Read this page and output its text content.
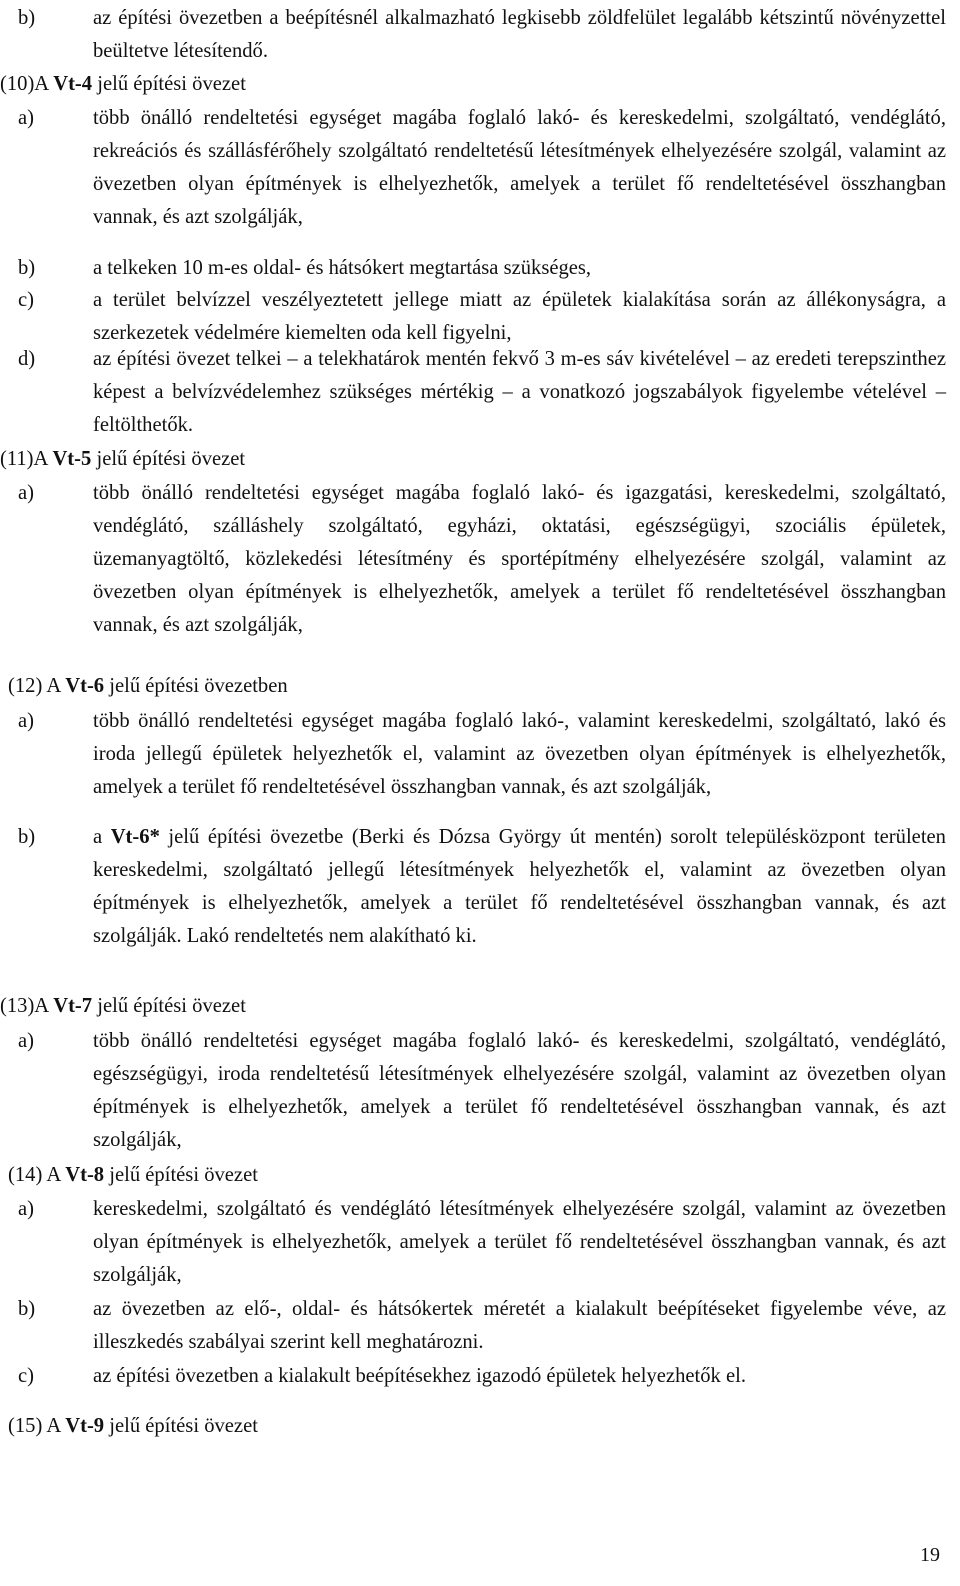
b)	az építési övezetben a beépítésnél alkalmazható legkisebb zöldfelület legalább kétszintű növényzettel beültetve létesítendő.
(10)A Vt-4 jelű építési övezet
a)	több önálló rendeltetési egységet magába foglaló lakó- és kereskedelmi, szolgáltató, vendéglátó, rekreációs és szállásférőhely szolgáltató rendeltetésű létesítmények elhelyezésére szolgál, valamint az övezetben olyan építmények is elhelyezhetők, amelyek a terület fő rendeltetésével összhangban vannak, és azt szolgálják,
b)	a telkeken 10 m-es oldal- és hátsókert megtartása szükséges,
c)	a terület belvízzel veszélyeztetett jellege miatt az épületek kialakítása során az állékonyságra, a szerkezetek védelmére kiemelten oda kell figyelni,
d)	az építési övezet telkei – a telekhatárok mentén fekvő 3 m-es sáv kivételével – az eredeti terepszinthez képest a belvízvédelemhez szükséges mértékig – a vonatkozó jogszabályok figyelembe vételével – feltölthetők.
(11)A Vt-5 jelű építési övezet
a)	több önálló rendeltetési egységet magába foglaló lakó- és igazgatási, kereskedelmi, szolgáltató, vendéglátó, szálláshely szolgáltató, egyházi, oktatási, egészségügyi, szociális épületek, üzemanyagtöltő, közlekedési létesítmény és sportépítmény elhelyezésére szolgál, valamint az övezetben olyan építmények is elhelyezhetők, amelyek a terület fő rendeltetésével összhangban vannak, és azt szolgálják,
(12) A Vt-6 jelű építési övezetben
a)	több önálló rendeltetési egységet magába foglaló lakó-, valamint kereskedelmi, szolgáltató, lakó és iroda jellegű épületek helyezhetők el, valamint az övezetben olyan építmények is elhelyezhetők, amelyek a terület fő rendeltetésével összhangban vannak, és azt szolgálják,
b)	a Vt-6* jelű építési övezetbe (Berki és Dózsa György út mentén) sorolt településközpont területen kereskedelmi, szolgáltató jellegű létesítmények helyezhetők el, valamint az övezetben olyan építmények is elhelyezhetők, amelyek a terület fő rendeltetésével összhangban vannak, és azt szolgálják. Lakó rendeltetés nem alakítható ki.
(13)A Vt-7 jelű építési övezet
a)	több önálló rendeltetési egységet magába foglaló lakó- és kereskedelmi, szolgáltató, vendéglátó, egészségügyi, iroda rendeltetésű létesítmények elhelyezésére szolgál, valamint az övezetben olyan építmények is elhelyezhetők, amelyek a terület fő rendeltetésével összhangban vannak, és azt szolgálják,
(14) A Vt-8 jelű építési övezet
a)	kereskedelmi, szolgáltató és vendéglátó létesítmények elhelyezésére szolgál, valamint az övezetben olyan építmények is elhelyezhetők, amelyek a terület fő rendeltetésével összhangban vannak, és azt szolgálják,
b)	az övezetben az elő-, oldal- és hátsókertek méretét a kialakult beépítéseket figyelembe véve, az illeszkedés szabályai szerint kell meghatározni.
c)	az építési övezetben a kialakult beépítésekhez igazodó épületek helyezhetők el.
(15) A Vt-9 jelű építési övezet
19
